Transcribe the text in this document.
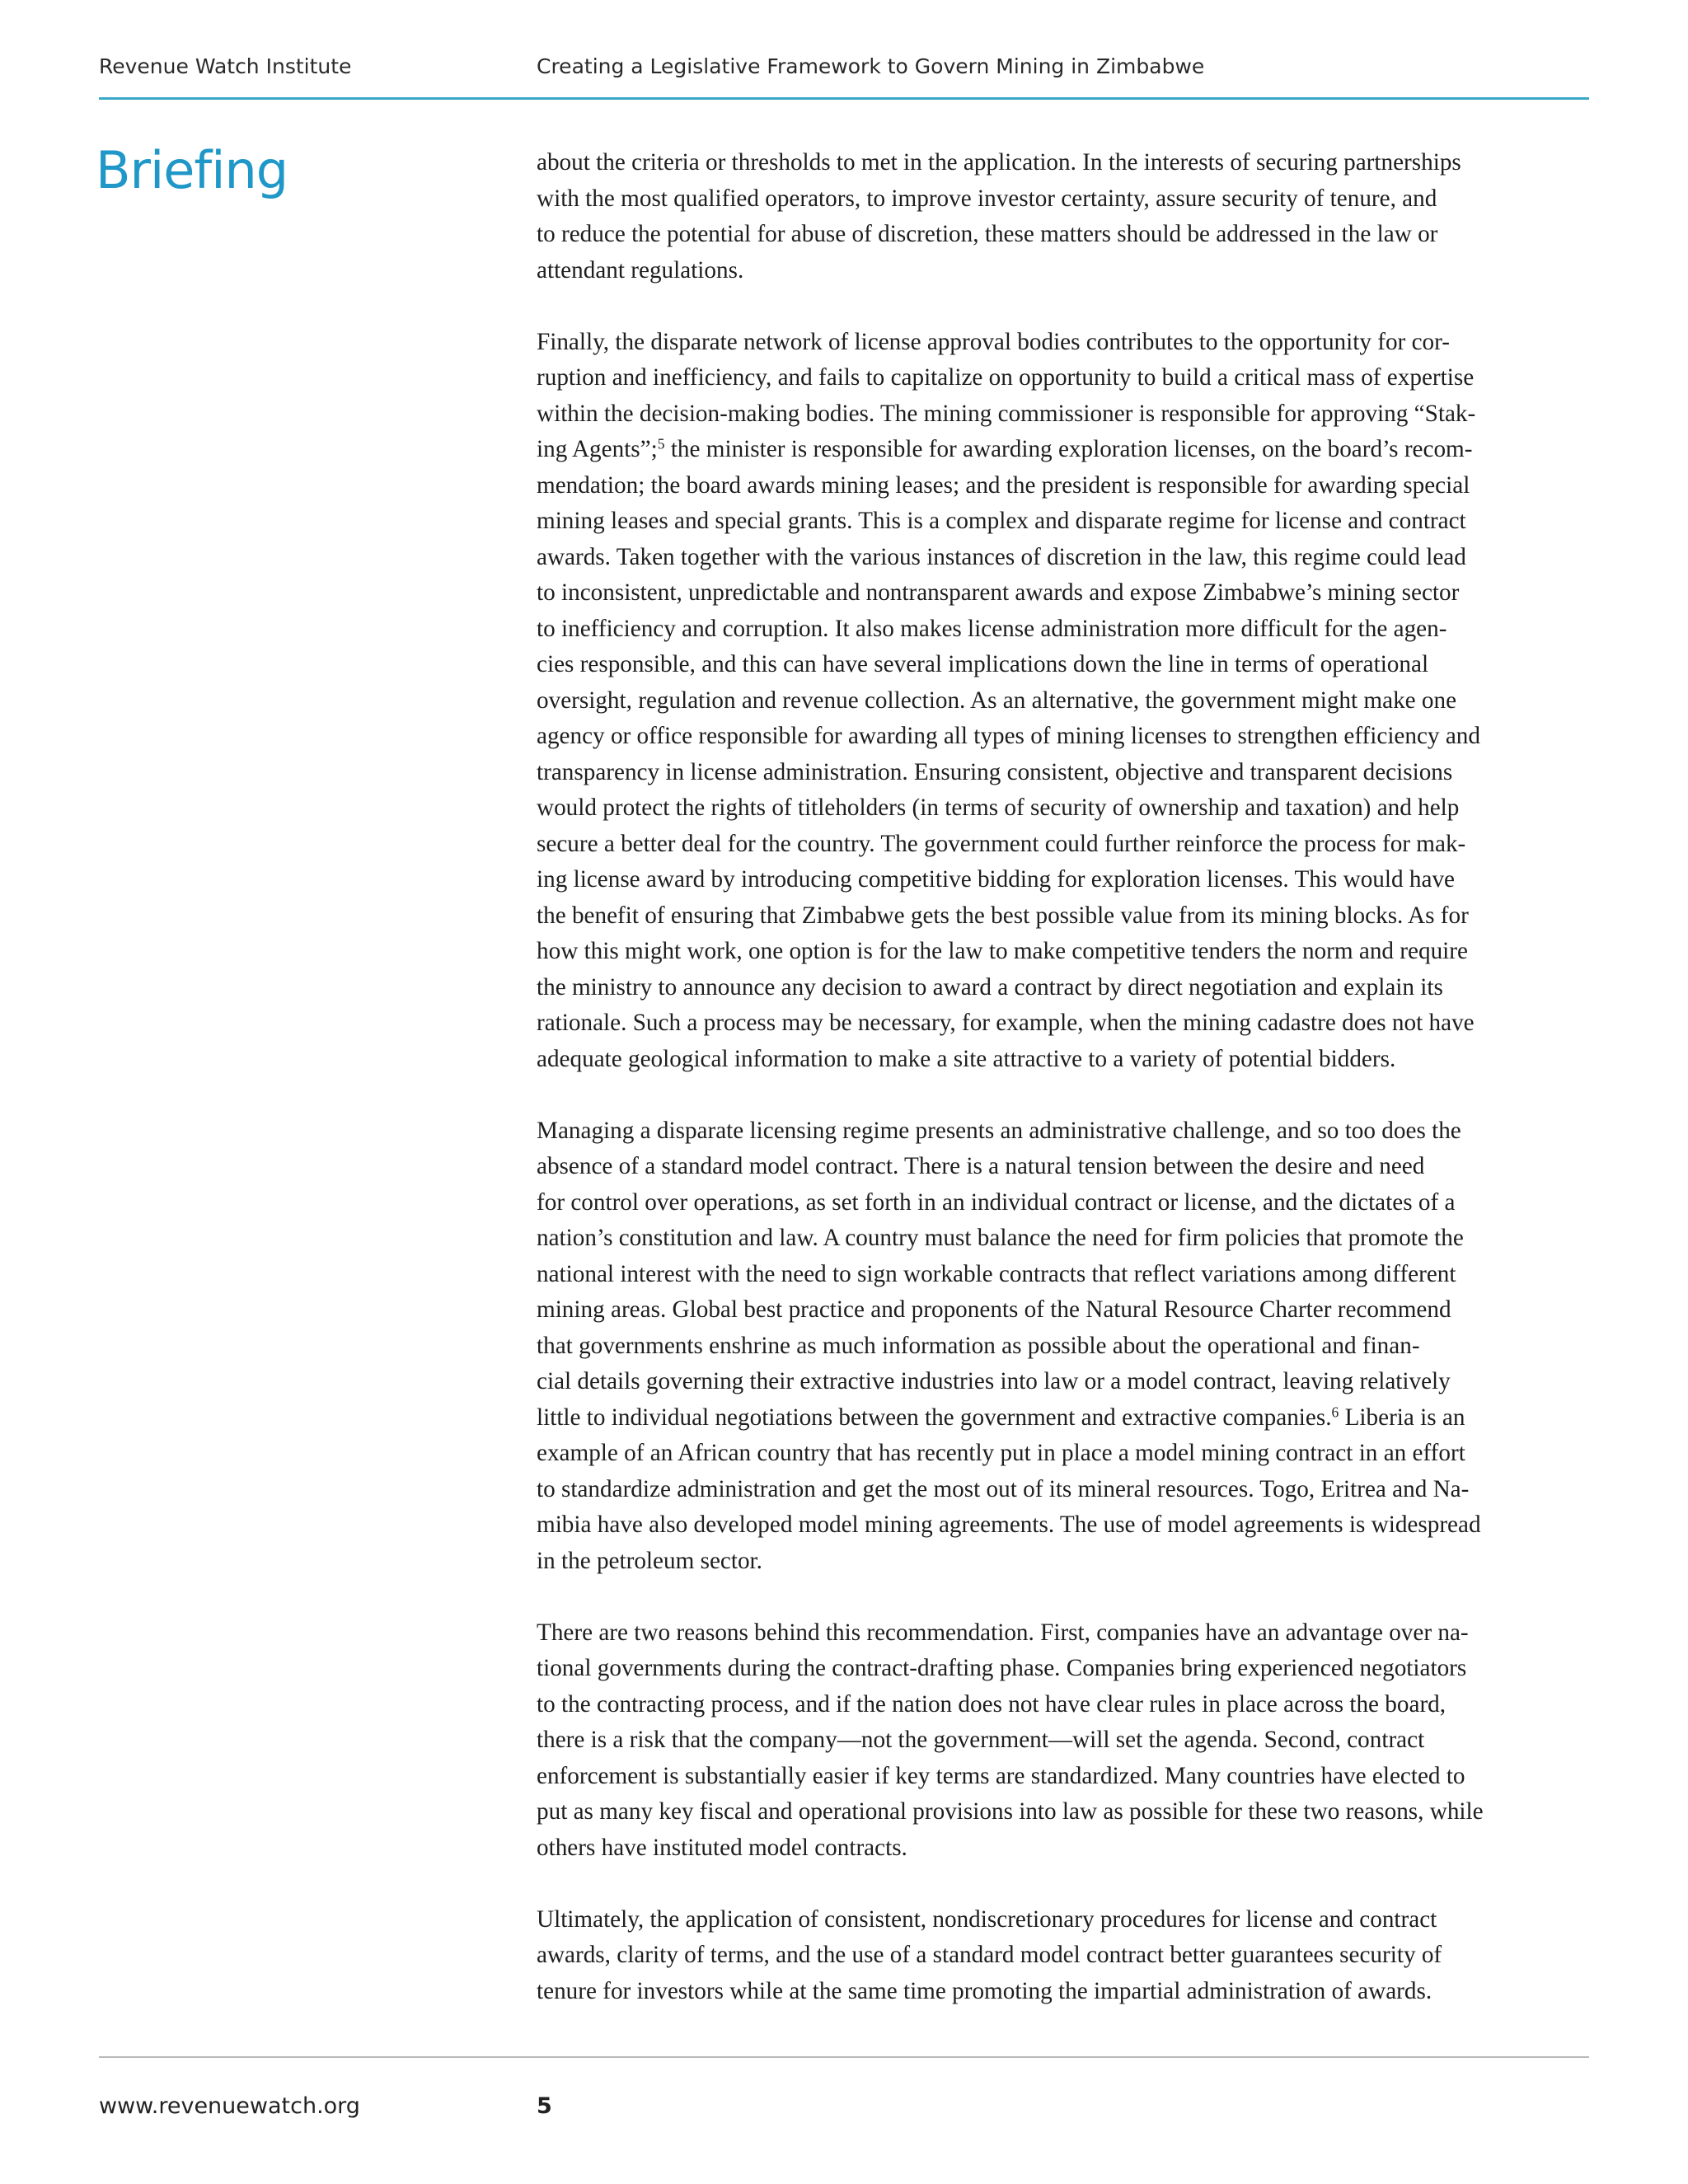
Revenue Watch Institute	Creating a Legislative Framework to Govern Mining in Zimbabwe
Briefing	about the criteria or thresholds to met in the application. In the interests of securing partnerships
with the most qualified operators, to improve investor certainty, assure security of tenure, and
to reduce the potential for abuse of discretion, these matters should be addressed in the law or
attendant regulations.

Finally, the disparate network of license approval bodies contributes to the opportunity for cor-
ruption and inefficiency, and fails to capitalize on opportunity to build a critical mass of expertise
within the decision-making bodies. The mining commissioner is responsible for approving “Stak-
ing Agents”;$^5$ the minister is responsible for awarding exploration licenses, on the board’s recom-
mendation; the board awards mining leases; and the president is responsible for awarding special
mining leases and special grants. This is a complex and disparate regime for license and contract
awards. Taken together with the various instances of discretion in the law, this regime could lead
to inconsistent, unpredictable and nontransparent awards and expose Zimbabwe’s mining sector
to inefficiency and corruption. It also makes license administration more difficult for the agen-
cies responsible, and this can have several implications down the line in terms of operational
oversight, regulation and revenue collection. As an alternative, the government might make one
agency or office responsible for awarding all types of mining licenses to strengthen efficiency and
transparency in license administration. Ensuring consistent, objective and transparent decisions
would protect the rights of titleholders (in terms of security of ownership and taxation) and help
secure a better deal for the country. The government could further reinforce the process for mak-
ing license award by introducing competitive bidding for exploration licenses. This would have
the benefit of ensuring that Zimbabwe gets the best possible value from its mining blocks. As for
how this might work, one option is for the law to make competitive tenders the norm and require
the ministry to announce any decision to award a contract by direct negotiation and explain its
rationale. Such a process may be necessary, for example, when the mining cadastre does not have
adequate geological information to make a site attractive to a variety of potential bidders.

Managing a disparate licensing regime presents an administrative challenge, and so too does the
absence of a standard model contract. There is a natural tension between the desire and need
for control over operations, as set forth in an individual contract or license, and the dictates of a
nation’s constitution and law. A country must balance the need for firm policies that promote the
national interest with the need to sign workable contracts that reflect variations among different
mining areas. Global best practice and proponents of the Natural Resource Charter recommend
that governments enshrine as much information as possible about the operational and finan-
cial details governing their extractive industries into law or a model contract, leaving relatively
little to individual negotiations between the government and extractive companies.$^6$ Liberia is an
example of an African country that has recently put in place a model mining contract in an effort
to standardize administration and get the most out of its mineral resources. Togo, Eritrea and Na-
mibia have also developed model mining agreements. The use of model agreements is widespread
in the petroleum sector.

There are two reasons behind this recommendation. First, companies have an advantage over na-
tional governments during the contract-drafting phase. Companies bring experienced negotiators
to the contracting process, and if the nation does not have clear rules in place across the board,
there is a risk that the company—not the government—will set the agenda. Second, contract
enforcement is substantially easier if key terms are standardized. Many countries have elected to
put as many key fiscal and operational provisions into law as possible for these two reasons, while
others have instituted model contracts.

Ultimately, the application of consistent, nondiscretionary procedures for license and contract
awards, clarity of terms, and the use of a standard model contract better guarantees security of
tenure for investors while at the same time promoting the impartial administration of awards.

www.revenuewatch.org	5
